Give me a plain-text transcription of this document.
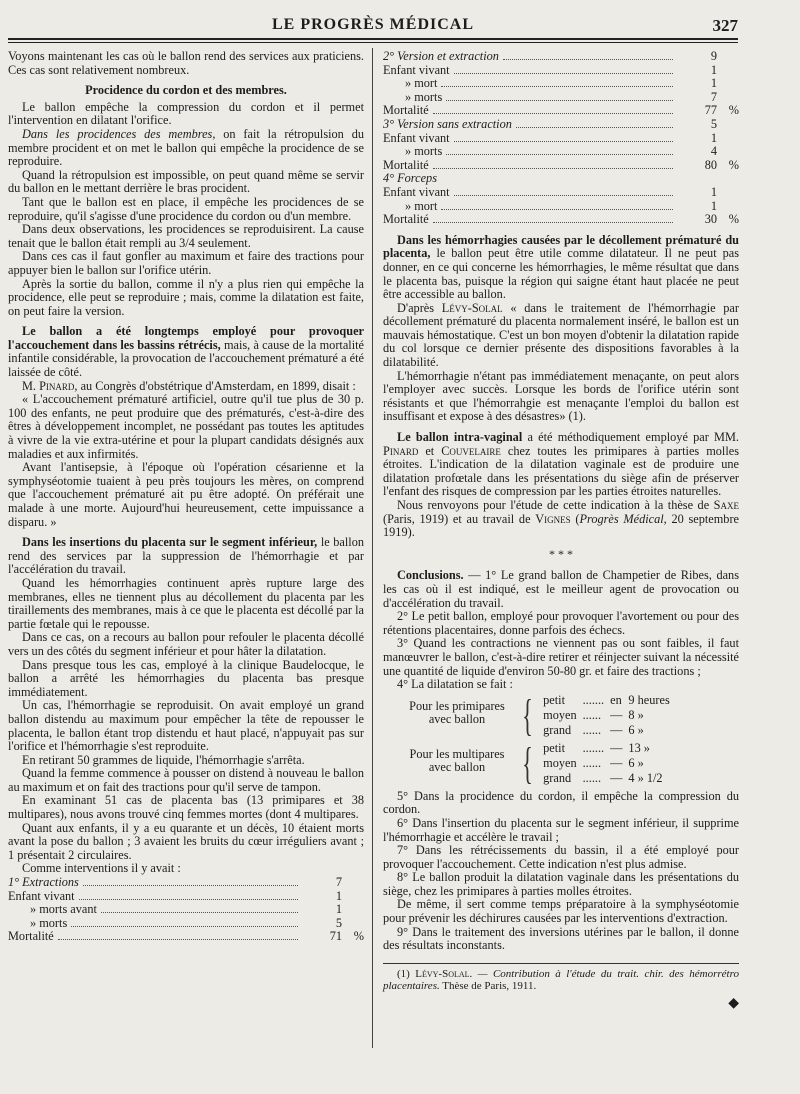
LE PROGRÈS MÉDICAL	327

Voyons maintenant les cas où le ballon rend des services aux praticiens. Ces cas sont relativement nombreux.

Procidence du cordon et des membres.

Le ballon empêche la compression du cordon et il permet l'intervention en dilatant l'orifice.

Dans les procidences des membres, on fait la rétropulsion du membre procident et on met le ballon qui empêche la procidence de se reproduire.

Quand la rétropulsion est impossible, on peut quand même se servir du ballon en le mettant derrière le bras procident.

Tant que le ballon est en place, il empêche les procidences de se reproduire, qu'il s'agisse d'une procidence du cordon ou d'un membre.

Dans deux observations, les procidences se reproduisirent. La cause tenait que le ballon était rempli au 3/4 seulement.

Dans ces cas il faut gonfler au maximum et faire des tractions pour appuyer bien le ballon sur l'orifice utérin.

Après la sortie du ballon, comme il n'y a plus rien qui empêche la procidence, elle peut se reproduire ; mais, comme la dilatation est faite, on peut faire la version.

Le ballon a été longtemps employé pour provoquer l'accouchement dans les bassins rétrécis, mais, à cause de la mortalité infantile considérable, la provocation de l'accouchement prématuré a été laissée de côté.

M. Pinard, au Congrès d'obstétrique d'Amsterdam, en 1899, disait :

« L'accouchement prématuré artificiel, outre qu'il tue plus de 30 p. 100 des enfants, ne peut produire que des prématurés, c'est-à-dire des êtres à développement incomplet, ne possédant pas toutes les aptitudes à vivre de la vie extra-utérine et pour la plupart candidats désignés aux maladies et aux infirmités.

Avant l'antisepsie, à l'époque où l'opération césarienne et la symphyséotomie tuaient à peu près toujours les mères, on comprend que l'accouchement prématuré ait pu être adopté. On préférait une malade à une morte. Aujourd'hui heureusement, cette impuissance a disparu. »

Dans les insertions du placenta sur le segment inférieur, le ballon rend des services par la suppression de l'hémorrhagie et par l'accélération du travail.

Quand les hémorrhagies continuent après rupture large des membranes, elles ne tiennent plus au décollement du placenta par les tiraillements des membranes, mais à ce que le placenta est décollé par la partie fœtale qui le repousse.

Dans ce cas, on a recours au ballon pour refouler le placenta décollé vers un des côtés du segment inférieur et pour hâter la dilatation.

Dans presque tous les cas, employé à la clinique Baudelocque, le ballon a arrêté les hémorrhagies du placenta bas presque immédiatement.

Un cas, l'hémorrhagie se reproduisit. On avait employé un grand ballon distendu au maximum pour empêcher la tête de repousser le placenta, le ballon étant trop distendu et haut placé, n'appuyait pas sur l'orifice et l'hémorrhagie s'est reproduite.

En retirant 50 grammes de liquide, l'hémorrhagie s'arrêta.

Quand la femme commence à pousser on distend à nouveau le ballon au maximum et on fait des tractions pour qu'il serve de tampon.

En examinant 51 cas de placenta bas (13 primipares et 38 multipares), nous avons trouvé cinq femmes mortes (dont 4 multipares.

Quant aux enfants, il y a eu quarante et un décès, 10 étaient morts avant la pose du ballon ; 3 avaient les bruits du cœur irréguliers avant ; 1 présentait 2 circulaires.

Comme interventions il y avait :

1° Extractions	7
Enfant vivant	1
» morts avant	1
» morts	5
Mortalité	71 %
2° Version et extraction	9
Enfant vivant	1
» mort	1
» morts	7
Mortalité	77 %
3° Version sans extraction	5
Enfant vivant	1
» morts	4
Mortalité	80 %
4° Forceps
Enfant vivant	1
» mort	1
Mortalité	30 %

Dans les hémorrhagies causées par le décollement prématuré du placenta, le ballon peut être utile comme dilatateur. Il ne peut pas donner, en ce qui concerne les hémorrhagies, le même résultat que dans le placenta bas, puisque la région qui saigne étant haut placée ne peut être accessible au ballon.

D'après Lévy-Solal « dans le traitement de l'hémorrhagie par décollement prématuré du placenta normalement inséré, le ballon est un mauvais hémostatique. C'est un bon moyen d'obtenir la dilatation rapide du col lorsque ce dernier présente des dispositions favorables à la dilatabilité.

L'hémorrhagie n'étant pas immédiatement menaçante, on peut alors l'employer avec succès. Lorsque les bords de l'orifice utérin sont résistants et que l'hémorrahgie est menaçante l'emploi du ballon est insuffisant et expose à des désastres» (1).

Le ballon intra-vaginal a été méthodiquement employé par MM. Pinard et Couvelaire chez toutes les primipares à parties molles étroites. L'indication de la dilatation vaginale est de produire une dilatation profœtale dans les présentations du siège afin de préserver l'enfant des risques de compression par les parties étroites naturelles.

Nous renvoyons pour l'étude de cette indication à la thèse de Saxe (Paris, 1919) et au travail de Vignes (Progrès Médical, 20 septembre 1919).

* * *

Conclusions. — 1° Le grand ballon de Champetier de Ribes, dans les cas où il est indiqué, est le meilleur agent de provocation ou d'accélération du travail.

2° Le petit ballon, employé pour provoquer l'avortement ou pour des rétentions placentaires, donne parfois des échecs.

3° Quand les contractions ne viennent pas ou sont faibles, il faut manœuvrer le ballon, c'est-à-dire retirer et réinjecter suivant la nécessité une quantité de liquide d'environ 50-80 gr. et faire des tractions ;

4° La dilatation se fait :

Pour les primipares avec ballon { petit	.......	en	9 heures
moyen	......	—	8 »
grand	......	—	6 »
Pour les multipares avec ballon { petit	.......	—	13 »
moyen	......	—	6 »
grand	......	—	4 » 1/2

5° Dans la procidence du cordon, il empêche la compression du cordon.

6° Dans l'insertion du placenta sur le segment inférieur, il supprime l'hémorrhagie et accélère le travail ;

7° Dans les rétrécissements du bassin, il a été employé pour provoquer l'accouchement. Cette indication n'est plus admise.

8° Le ballon produit la dilatation vaginale dans les présentations du siège, chez les primipares à parties molles étroites.

De même, il sert comme temps préparatoire à la symphyséotomie pour prévenir les déchirures causées par les interventions d'extraction.

9° Dans le traitement des inversions utérines par le ballon, il donne des résultats inconstants.

(1) Lévy-Solal. — Contribution à l'étude du trait. chir. des hémorrétro placentaires. Thèse de Paris, 1911.

◆
